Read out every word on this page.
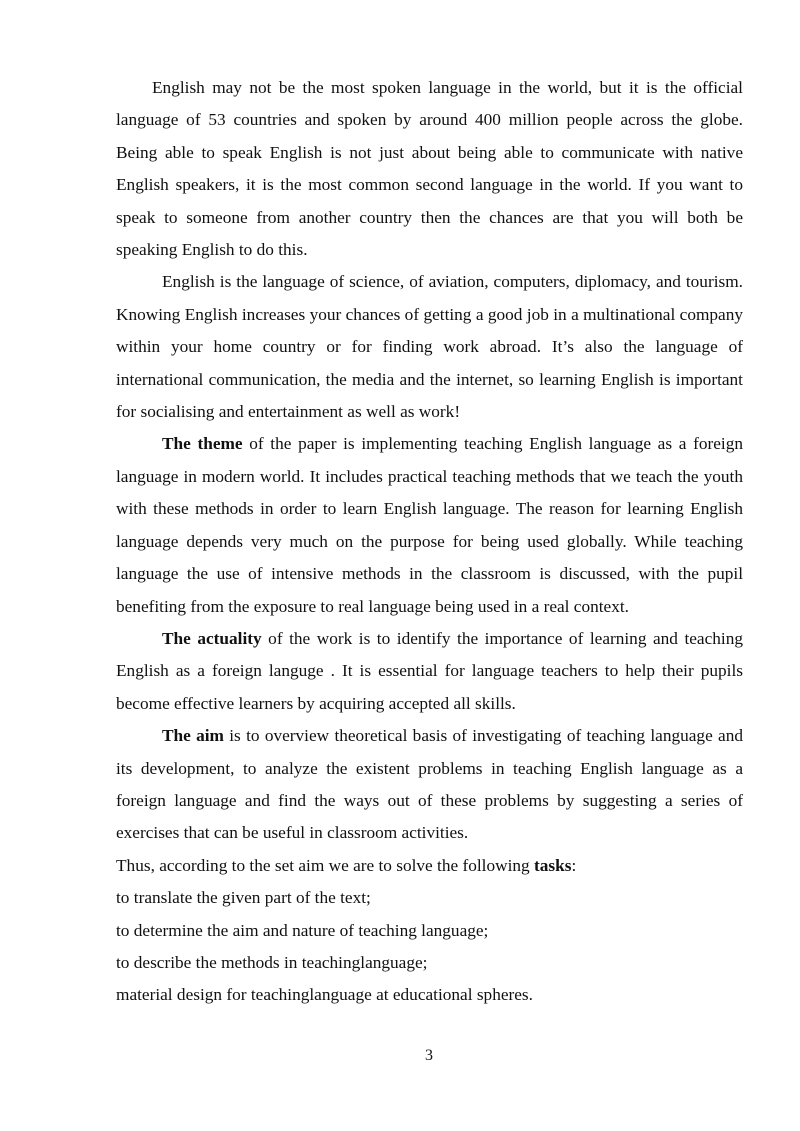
English may not be the most spoken language in the world, but it is the official language of 53 countries and spoken by around 400 million people across the globe. Being able to speak English is not just about being able to communicate with native English speakers, it is the most common second language in the world. If you want to speak to someone from another country then the chances are that you will both be speaking English to do this.

English is the language of science, of aviation, computers, diplomacy, and tourism. Knowing English increases your chances of getting a good job in a multinational company within your home country or for finding work abroad. It’s also the language of international communication, the media and the internet, so learning English is important for socialising and entertainment as well as work!

The theme of the paper is implementing teaching English language as a foreign language in modern world. It includes practical teaching methods that we teach the youth with these methods in order to learn English language. The reason for learning English language depends very much on the purpose for being used globally. While teaching language the use of intensive methods in the classroom is discussed, with the pupil benefiting from the exposure to real language being used in a real context.

The actuality of the work is to identify the importance of learning and teaching English as a foreign languge . It is essential for language teachers to help their pupils become effective learners by acquiring accepted all skills.

The aim is to overview theoretical basis of investigating of teaching language and its development, to analyze the existent problems in teaching English language as a foreign language and find the ways out of these problems by suggesting a series of exercises that can be useful in classroom activities.

Thus, according to the set aim we are to solve the following tasks:

to translate the given part of the text;

to determine the aim and nature of teaching language;

to describe the methods in teachinglanguage;

material design for teachinglanguage at educational spheres.

3
